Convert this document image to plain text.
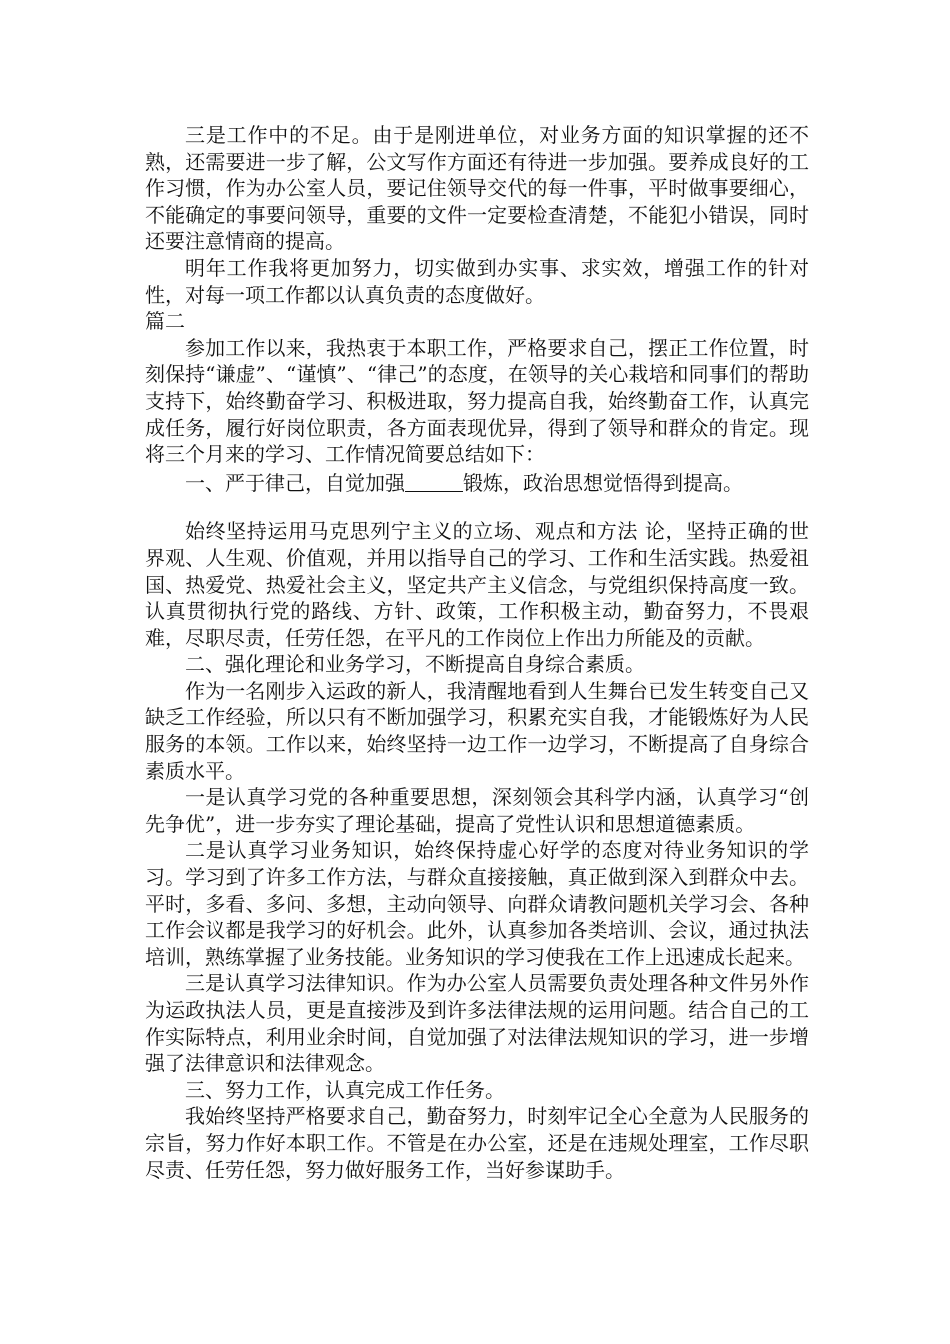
三是工作中的不足。由于是刚进单位，对业务方面的知识掌握的还不熟，还需要进一步了解，公文写作方面还有待进一步加强。要养成良好的工作习惯，作为办公室人员，要记住领导交代的每一件事，平时做事要细心，不能确定的事要问领导，重要的文件一定要检查清楚，不能犯小错误，同时还要注意情商的提高。

明年工作我将更加努力，切实做到办实事、求实效，增强工作的针对性，对每一项工作都以认真负责的态度做好。

篇二

参加工作以来，我热衷于本职工作，严格要求自己，摆正工作位置，时刻保持“谦虚”、“谨慎”、“律己”的态度，在领导的关心栽培和同事们的帮助支持下，始终勤奋学习、积极进取，努力提高自我，始终勤奋工作，认真完成任务，履行好岗位职责，各方面表现优异，得到了领导和群众的肯定。现将三个月来的学习、工作情况简要总结如下：

一、严于律己，自觉加强	锻炼，政治思想觉悟得到提高。

始终坚持运用马克思列宁主义的立场、观点和方法 论，坚持正确的世界观、人生观、价值观，并用以指导自己的学习、工作和生活实践。热爱祖国、热爱党、热爱社会主义，坚定共产主义信念，与党组织保持高度一致。认真贯彻执行党的路线、方针、政策，工作积极主动，勤奋努力，不畏艰难，尽职尽责，任劳任怨，在平凡的工作岗位上作出力所能及的贡献。

二、强化理论和业务学习，不断提高自身综合素质。

作为一名刚步入运政的新人，我清醒地看到人生舞台已发生转变自己又缺乏工作经验，所以只有不断加强学习，积累充实自我，才能锻炼好为人民服务的本领。工作以来，始终坚持一边工作一边学习，不断提高了自身综合素质水平。

一是认真学习党的各种重要思想，深刻领会其科学内涵，认真学习“创先争优”，进一步夯实了理论基础，提高了党性认识和思想道德素质。

二是认真学习业务知识，始终保持虚心好学的态度对待业务知识的学习。学习到了许多工作方法，与群众直接接触，真正做到深入到群众中去。平时，多看、多问、多想，主动向领导、向群众请教问题机关学习会、各种工作会议都是我学习的好机会。此外，认真参加各类培训、会议，通过执法培训，熟练掌握了业务技能。业务知识的学习使我在工作上迅速成长起来。

三是认真学习法律知识。作为办公室人员需要负责处理各种文件另外作为运政执法人员，更是直接涉及到许多法律法规的运用问题。结合自己的工作实际特点，利用业余时间，自觉加强了对法律法规知识的学习，进一步增强了法律意识和法律观念。

三、努力工作，认真完成工作任务。

我始终坚持严格要求自己，勤奋努力，时刻牢记全心全意为人民服务的宗旨，努力作好本职工作。不管是在办公室，还是在违规处理室，工作尽职尽责、任劳任怨，努力做好服务工作，当好参谋助手。
